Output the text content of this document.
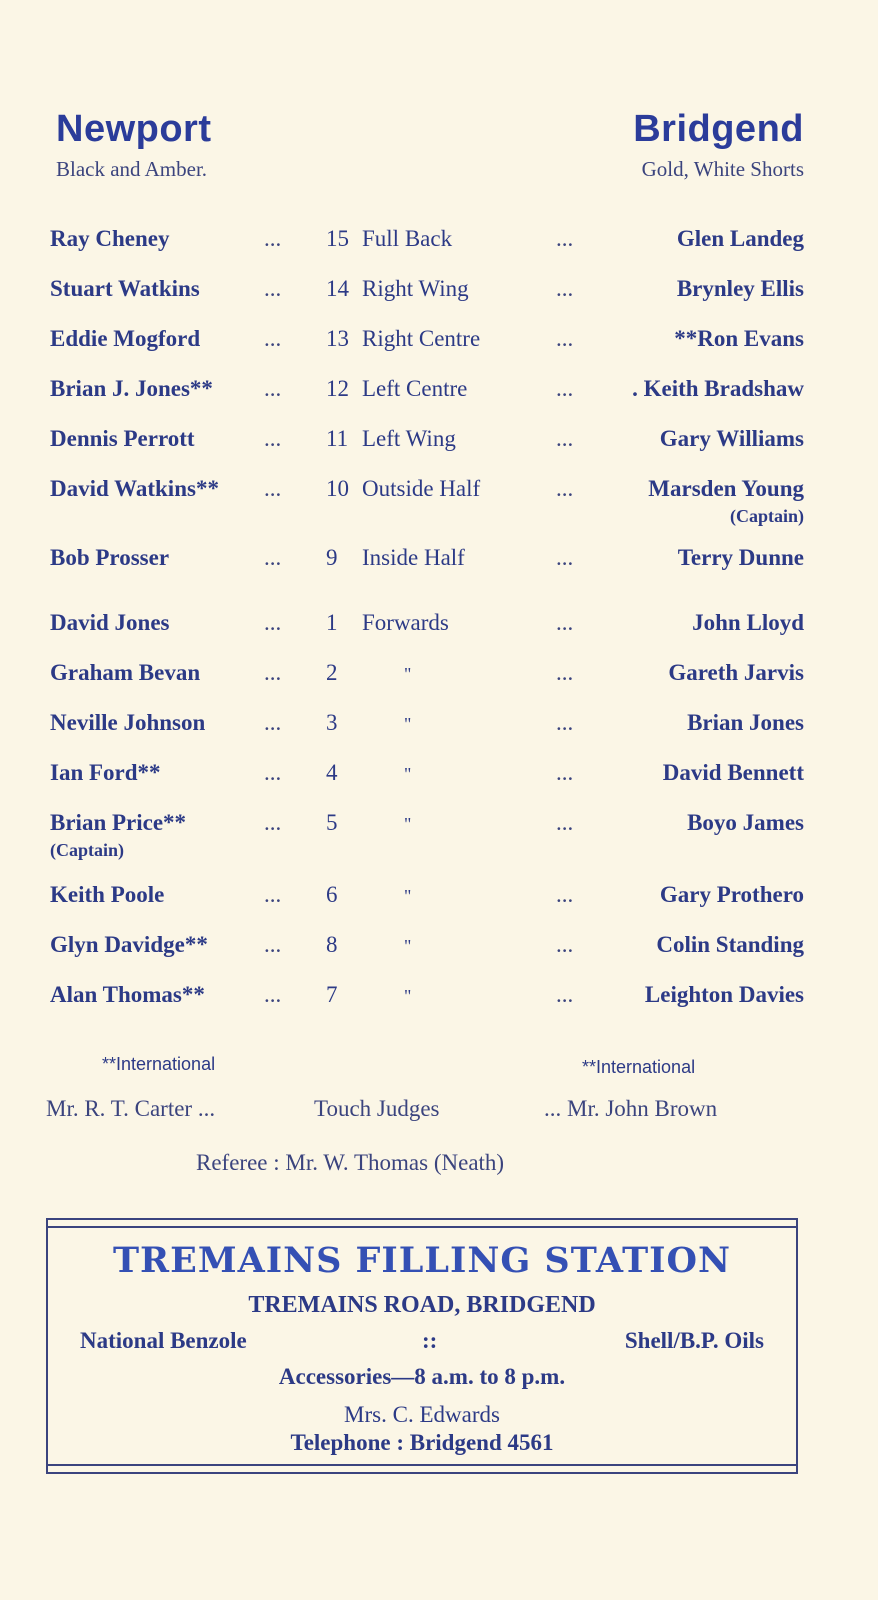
Newport
Black and Amber.
Bridgend
Gold, White Shorts
Ray Cheney	... 15 Full Back	...	Glen Landeg
Stuart Watkins	... 14 Right Wing	...	Brynley Ellis
Eddie Mogford	... 13 Right Centre	...	**Ron Evans
Brian J. Jones** ... 12 Left Centre	...	. Keith Bradshaw
Dennis Perrott	... 11 Left Wing	...	Gary Williams
David Watkins** ... 10 Outside Half	...	Marsden Young
(Captain)
Bob Prosser	... 9 Inside Half	...	Terry Dunne
David Jones	... 1 Forwards	...	John Lloyd
Graham Bevan	... 2	"	...	Gareth Jarvis
Neville Johnson	... 3	"	...	Brian Jones
Ian Ford**	... 4	"	...	David Bennett
Brian Price**	... 5	"	...	Boyo James
(Captain)
Keith Poole	... 6	"	...	Gary Prothero
Glyn Davidge** ... 8	"	...	Colin Standing
Alan Thomas**	... 7	"	...	Leighton Davies
**International	**International
Mr. R. T. Carter ...	Touch Judges	... Mr. John Brown
Referee : Mr. W. Thomas (Neath)
TREMAINS FILLING STATION
TREMAINS ROAD, BRIDGEND
National Benzole	::	Shell/B.P. Oils
Accessories—8 a.m. to 8 p.m.
Mrs. C. Edwards
Telephone : Bridgend 4561
